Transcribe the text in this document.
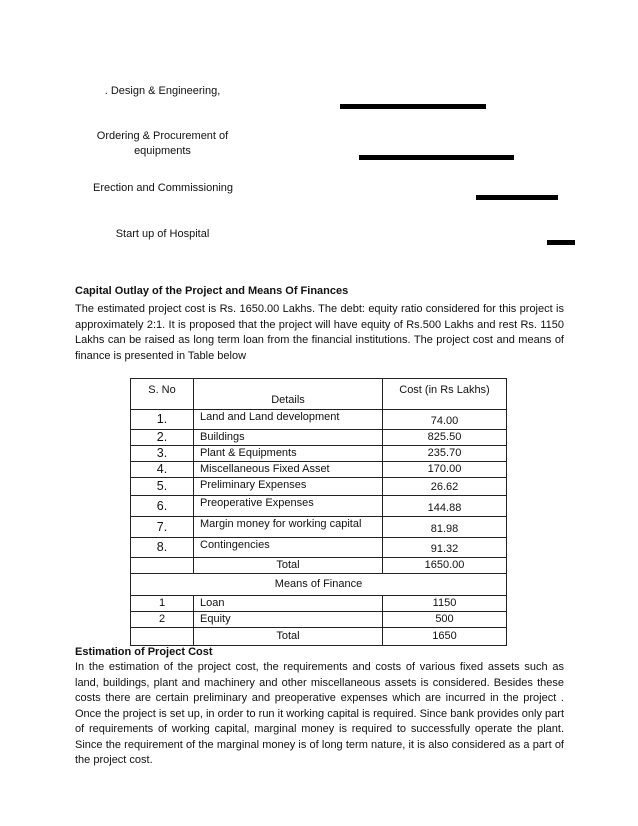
. Design & Engineering,
Ordering & Procurement of equipments
Erection and Commissioning
Start up of Hospital
Capital Outlay of the Project and Means Of Finances
The estimated project cost is Rs. 1650.00 Lakhs. The debt: equity ratio considered for this project is approximately 2:1. It is proposed that the project will have equity of Rs.500 Lakhs and rest Rs. 1150 Lakhs can be raised as long term loan from the financial institutions. The project cost and means of finance is presented in Table below
S. No	Details	Cost (in Rs Lakhs)
1.	Land and Land development	74.00
2.	Buildings	825.50
3.	Plant & Equipments	235.70
4.	Miscellaneous Fixed Asset	170.00
5.	Preliminary Expenses	26.62
6.	Preoperative Expenses	144.88
7.	Margin money for working capital	81.98
8.	Contingencies	91.32
	Total	1650.00
Means of Finance		
1	Loan	1150
2	Equity	500
	Total	1650
Estimation of Project Cost
In the estimation of the project cost, the requirements and costs of various fixed assets such as land, buildings, plant and machinery and other miscellaneous assets is considered. Besides these costs there are certain preliminary and preoperative expenses which are incurred in the project . Once the project is set up, in order to run it working capital is required. Since bank provides only part of requirements of working capital, marginal money is required to successfully operate the plant. Since the requirement of the marginal money is of long term nature, it is also considered as a part of the project cost.
